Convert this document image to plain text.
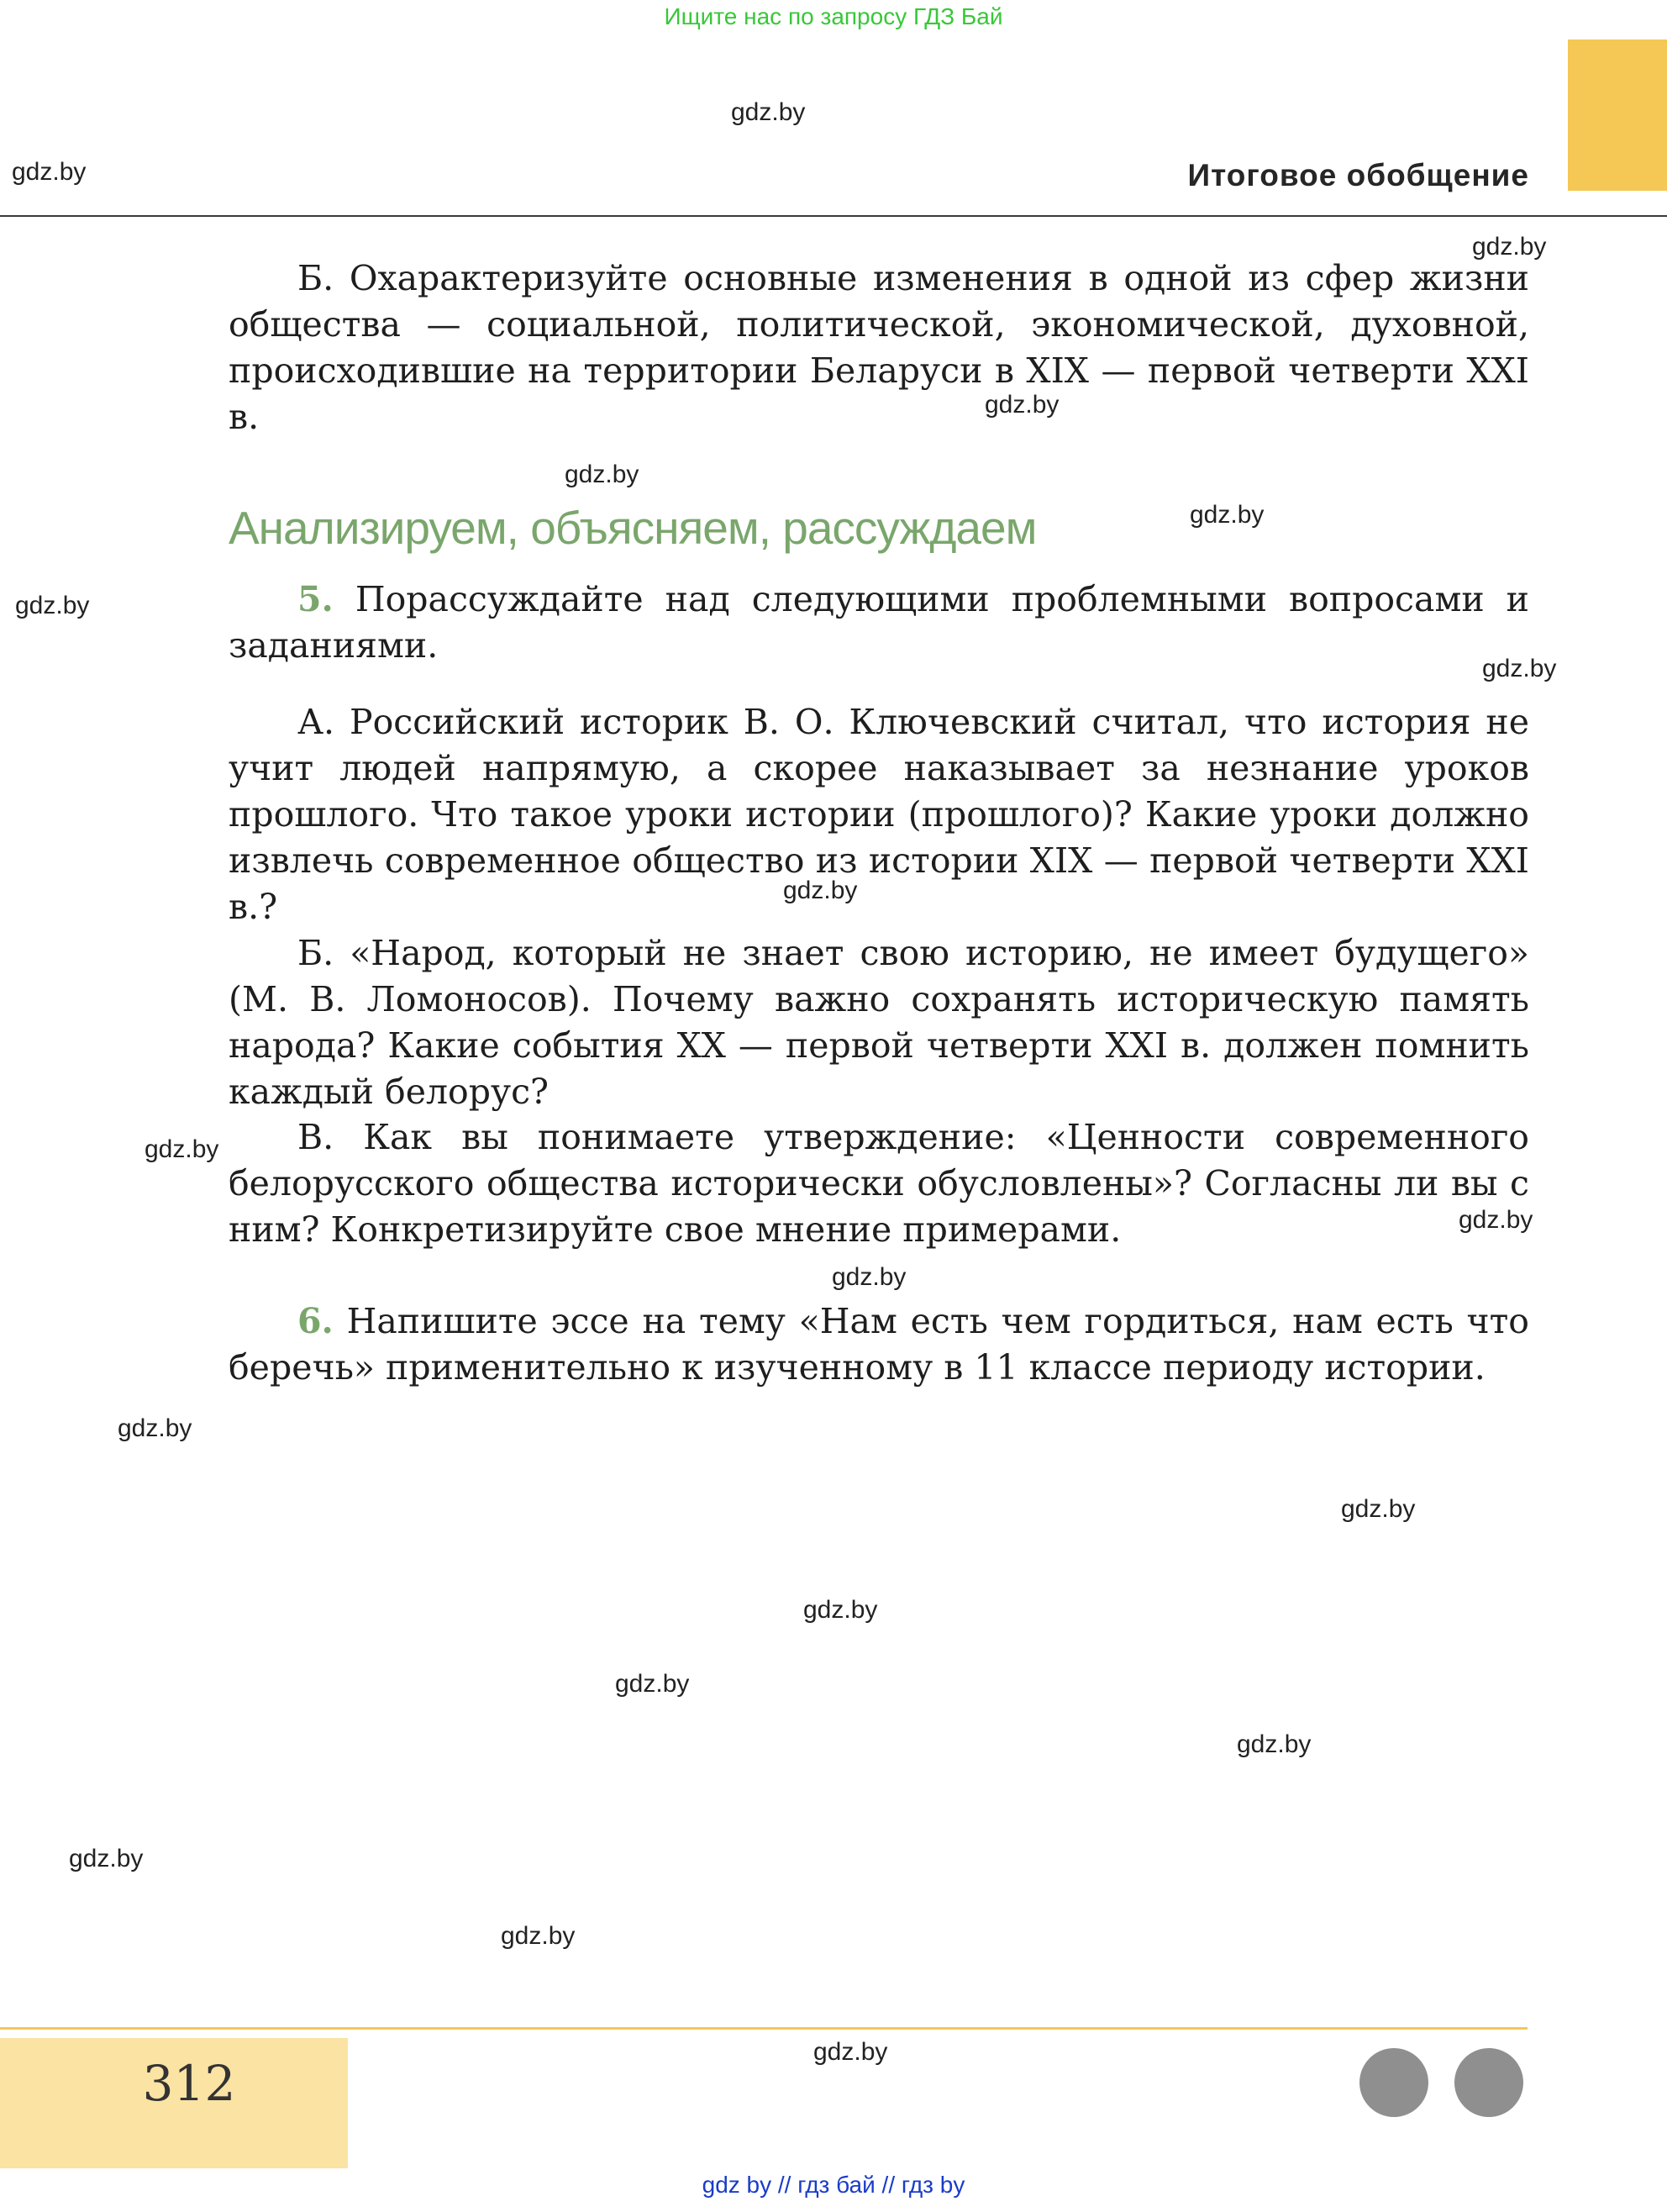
Ищите нас по запросу ГДЗ Бай
Итоговое обобщение

Б. Охарактеризуйте основные изменения в одной из сфер жизни общества — социальной, политической, экономической, духовной, происходившие на территории Беларуси в XIX — первой четверти XXI в.

Анализируем, объясняем, рассуждаем

5. Порассуждайте над следующими проблемными вопросами и заданиями.

А. Российский историк В. О. Ключевский считал, что история не учит людей напрямую, а скорее наказывает за незнание уроков прошлого. Что такое уроки истории (прошлого)? Какие уроки должно извлечь современное общество из истории XIX — первой четверти XXI в.?

Б. «Народ, который не знает свою историю, не имеет будущего» (М. В. Ломоносов). Почему важно сохранять историческую память народа? Какие события XX — первой четверти XXI в. должен помнить каждый белорус?

В. Как вы понимаете утверждение: «Ценности современного белорусского общества исторически обусловлены»? Согласны ли вы с ним? Конкретизируйте свое мнение примерами.

6. Напишите эссе на тему «Нам есть чем гордиться, нам есть что беречь» применительно к изученному в 11 классе периоду истории.

gdz.by
gdz.by
gdz.by
gdz.by
gdz.by
gdz.by
gdz.by
gdz.by
gdz.by
gdz.by
gdz.by
gdz.by
gdz.by
gdz.by
gdz.by
gdz.by
gdz.by
gdz.by
gdz.by
gdz.by
312
gdz by // гдз бай // гдз by
